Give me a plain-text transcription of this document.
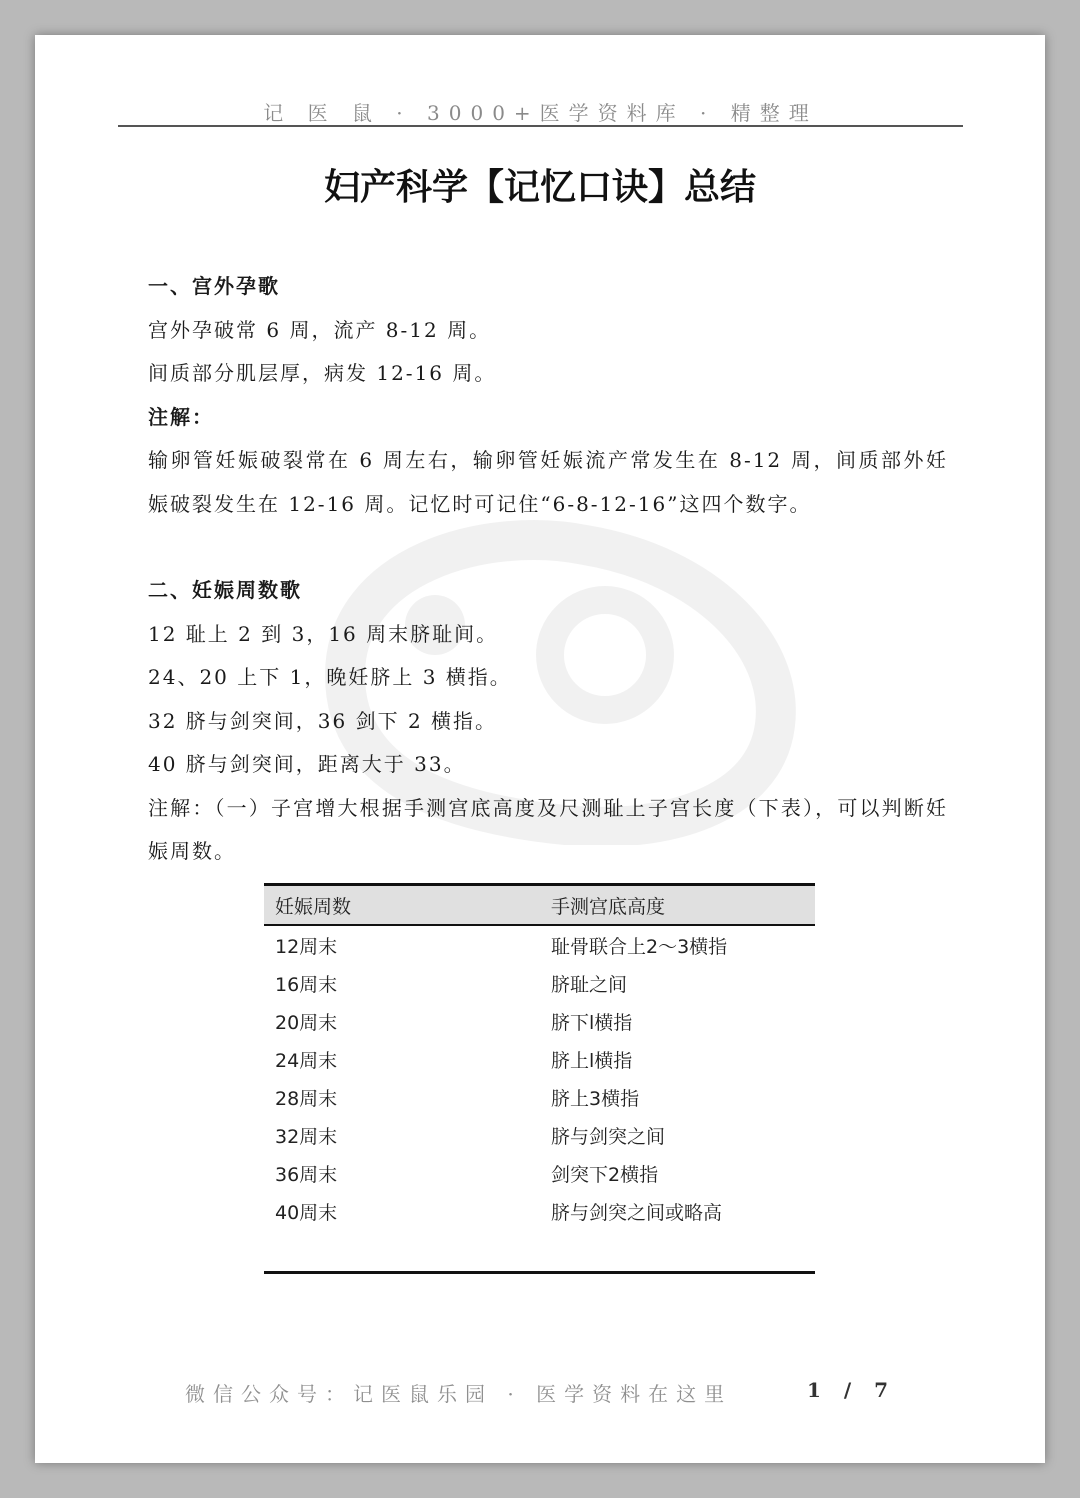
记 医 鼠 · 3000+医学资料库 · 精整理
妇产科学【记忆口诀】总结

一、宫外孕歌

宫外孕破常 6 周，流产 8-12 周。

间质部分肌层厚，病发 12-16 周。

注解：

输卵管妊娠破裂常在 6 周左右，输卵管妊娠流产常发生在 8-12 周，间质部外妊娠破裂发生在 12-16 周。记忆时可记住“6-8-12-16”这四个数字。

二、妊娠周数歌

12 耻上 2 到 3，16 周末脐耻间。

24、20 上下 1，晚妊脐上 3 横指。

32 脐与剑突间，36 剑下 2 横指。

40 脐与剑突间，距离大于 33。

注解：（一）子宫增大根据手测宫底高度及尺测耻上子宫长度（下表），可以判断妊娠周数。

妊娠周数	手测宫底高度
12周末	耻骨联合上2～3横指
16周末	脐耻之间
20周末	脐下l横指
24周末	脐上l横指
28周末	脐上3横指
32周末	脐与剑突之间
36周末	剑突下2横指
40周末	脐与剑突之间或略高
微信公众号：记医鼠乐园 · 医学资料在这里	1 / 7
